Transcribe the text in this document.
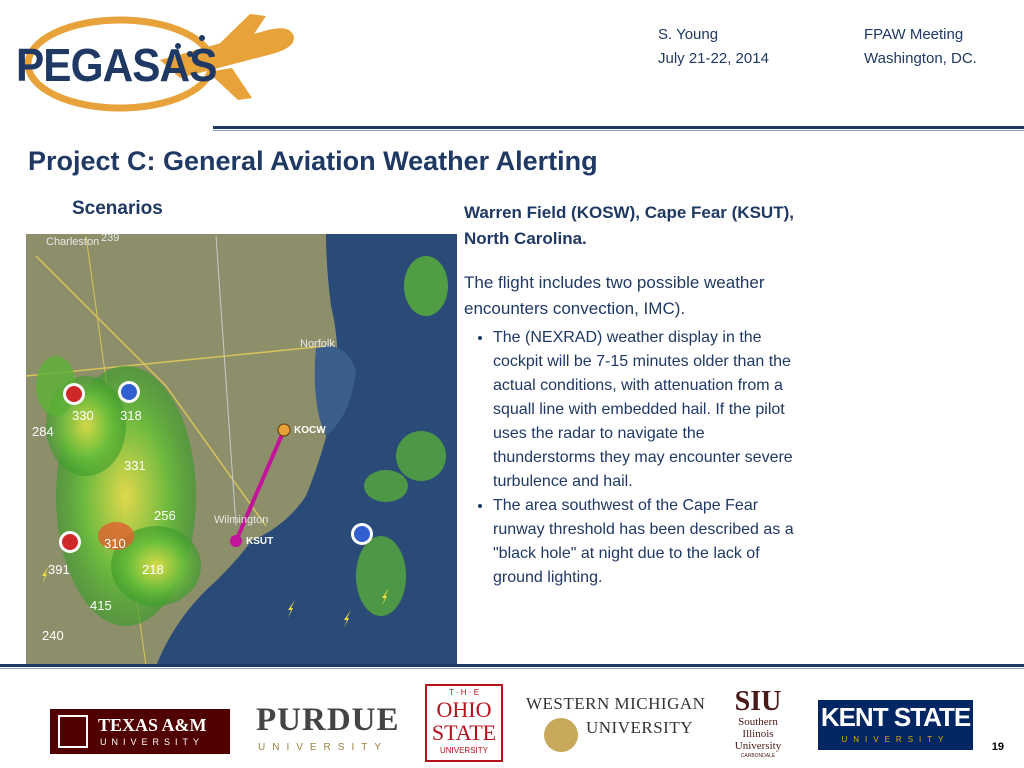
PEGASAS
S. Young
July 21-22, 2014
FPAW Meeting
Washington, DC.
Project C: General Aviation Weather Alerting
Scenarios
Charleston
Norfolk
Wilmington
KOCW
KSUT
239
330 318
284
331
256
310
218
391
415
240
Warren Field (KOSW), Cape Fear (KSUT), North Carolina.
The flight includes two possible weather encounters convection, IMC).
• The (NEXRAD) weather display in the cockpit will be 7-15 minutes older than the actual conditions, with attenuation from a squall line with embedded hail. If the pilot uses the radar to navigate the thunderstorms they may encounter severe turbulence and hail.
• The area southwest of the Cape Fear runway threshold has been described as a "black hole" at night due to the lack of ground lighting.
TEXAS A&M
UNIVERSITY
PURDUE
UNIVERSITY
T · H · E
OHIO
STATE
UNIVERSITY
WESTERN MICHIGAN
UNIVERSITY
SIU
Southern
Illinois
University
CARBONDALE
KENT STATE
UNIVERSITY
19
